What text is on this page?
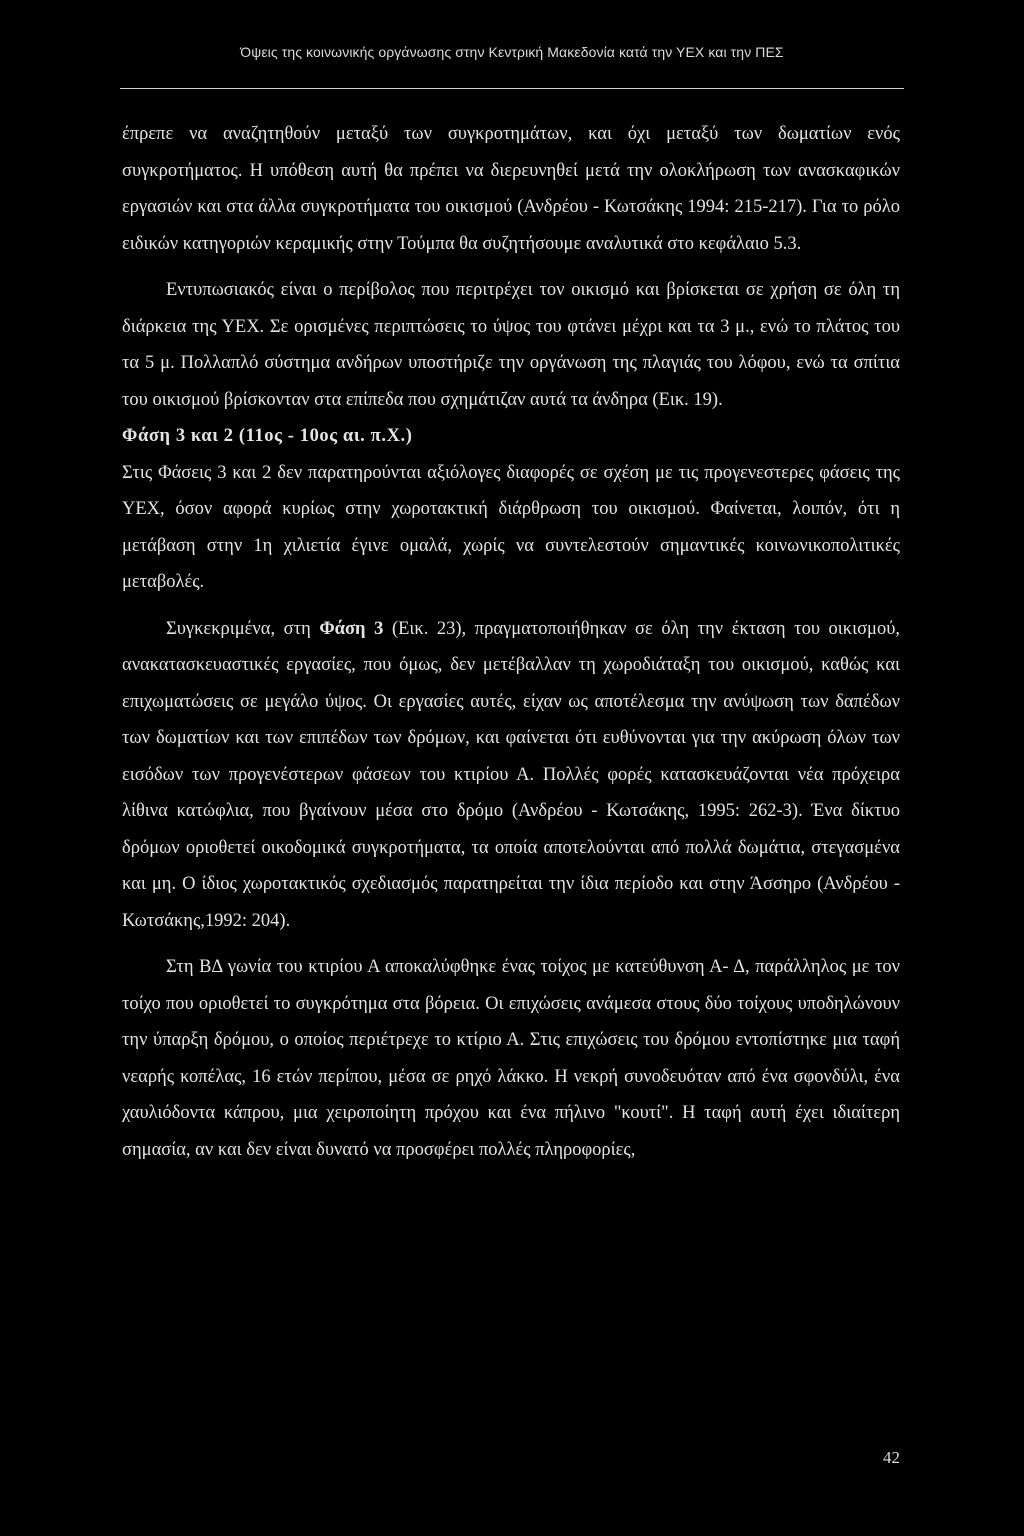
Όψεις της κοινωνικής οργάνωσης στην Κεντρική Μακεδονία κατά την ΥΕΧ και την ΠΕΣ

έπρεπε να αναζητηθούν μεταξύ των συγκροτημάτων, και όχι μεταξύ των δωματίων ενός συγκροτήματος. Η υπόθεση αυτή θα πρέπει να διερευνηθεί μετά την ολοκλήρωση των ανασκαφικών εργασιών και στα άλλα συγκροτήματα του οικισμού (Ανδρέου - Κωτσάκης 1994: 215-217). Για το ρόλο ειδικών κατηγοριών κεραμικής στην Τούμπα θα συζητήσουμε αναλυτικά στο κεφάλαιο 5.3.

Εντυπωσιακός είναι ο περίβολος που περιτρέχει τον οικισμό και βρίσκεται σε χρήση σε όλη τη διάρκεια της ΥΕΧ. Σε ορισμένες περιπτώσεις το ύψος του φτάνει μέχρι και τα 3 μ., ενώ το πλάτος του τα 5 μ. Πολλαπλό σύστημα ανδήρων υποστήριζε την οργάνωση της πλαγιάς του λόφου, ενώ τα σπίτια του οικισμού βρίσκονταν στα επίπεδα που σχημάτιζαν αυτά τα άνδηρα (Εικ. 19).

Φάση 3 και 2 (11ος - 10ος αι. π.Χ.)

Στις Φάσεις 3 και 2 δεν παρατηρούνται αξιόλογες διαφορές σε σχέση με τις προγενεστερες φάσεις της ΥΕΧ, όσον αφορά κυρίως στην χωροτακτική διάρθρωση του οικισμού. Φαίνεται, λοιπόν, ότι η μετάβαση στην 1η χιλιετία έγινε ομαλά, χωρίς να συντελεστούν σημαντικές κοινωνικοπολιτικές μεταβολές.

Συγκεκριμένα, στη Φάση 3 (Εικ. 23), πραγματοποιήθηκαν σε όλη την έκταση του οικισμού, ανακατασκευαστικές εργασίες, που όμως, δεν μετέβαλλαν τη χωροδιάταξη του οικισμού, καθώς και επιχωματώσεις σε μεγάλο ύψος. Οι εργασίες αυτές, είχαν ως αποτέλεσμα την ανύψωση των δαπέδων των δωματίων και των επιπέδων των δρόμων, και φαίνεται ότι ευθύνονται για την ακύρωση όλων των εισόδων των προγενέστερων φάσεων του κτιρίου Α. Πολλές φορές κατασκευάζονται νέα πρόχειρα λίθινα κατώφλια, που βγαίνουν μέσα στο δρόμο (Ανδρέου - Κωτσάκης, 1995: 262-3). Ένα δίκτυο δρόμων οριοθετεί οικοδομικά συγκροτήματα, τα οποία αποτελούνται από πολλά δωμάτια, στεγασμένα και μη. Ο ίδιος χωροτακτικός σχεδιασμός παρατηρείται την ίδια περίοδο και στην Άσσηρο (Ανδρέου - Κωτσάκης,1992: 204).

Στη ΒΔ γωνία του κτιρίου Α αποκαλύφθηκε ένας τοίχος με κατεύθυνση Α- Δ, παράλληλος με τον τοίχο που οριοθετεί το συγκρότημα στα βόρεια. Οι επιχώσεις ανάμεσα στους δύο τοίχους υποδηλώνουν την ύπαρξη δρόμου, ο οποίος περιέτρεχε το κτίριο Α. Στις επιχώσεις του δρόμου εντοπίστηκε μια ταφή νεαρής κοπέλας, 16 ετών περίπου, μέσα σε ρηχό λάκκο. Η νεκρή συνοδευόταν από ένα σφονδύλι, ένα χαυλιόδοντα κάπρου, μια χειροποίητη πρόχου και ένα πήλινο "κουτί". Η ταφή αυτή έχει ιδιαίτερη σημασία, αν και δεν είναι δυνατό να προσφέρει πολλές πληροφορίες,

42
